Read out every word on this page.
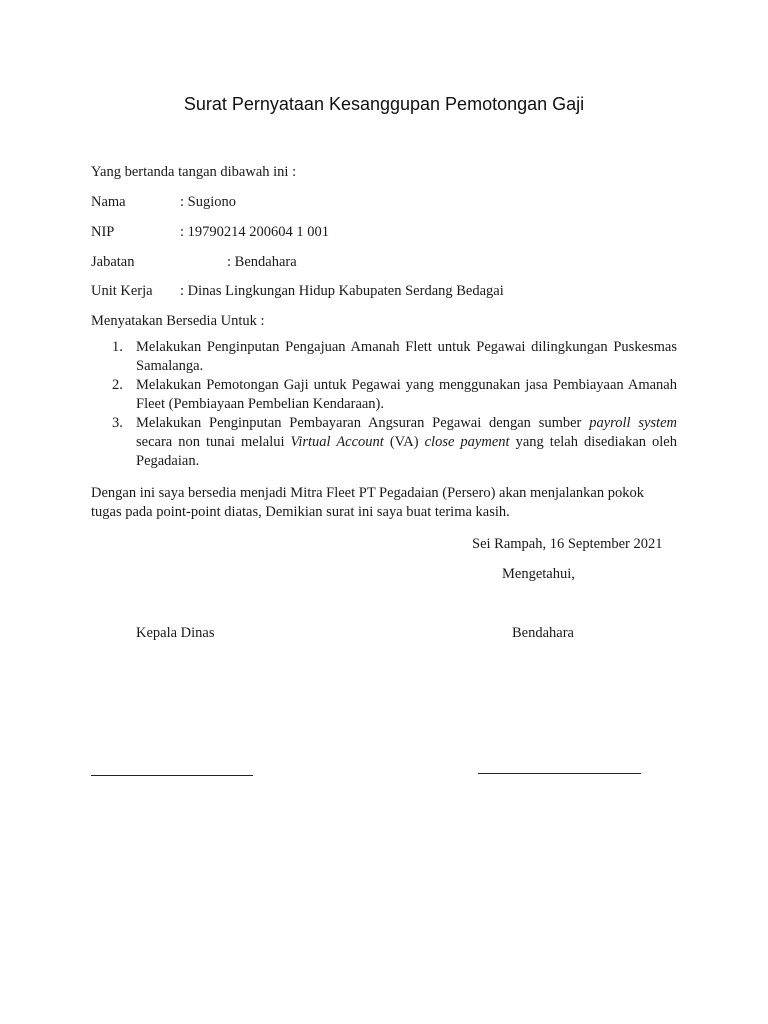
Surat Pernyataan Kesanggupan Pemotongan Gaji
Yang bertanda tangan dibawah ini :
Nama	: Sugiono
NIP	: 19790214 200604 1 001
Jabatan	: Bendahara
Unit Kerja : Dinas Lingkungan Hidup Kabupaten Serdang Bedagai
Menyatakan Bersedia Untuk :
1. Melakukan Penginputan Pengajuan Amanah Flett untuk Pegawai dilingkungan Puskesmas Samalanga.
2. Melakukan Pemotongan Gaji untuk Pegawai yang menggunakan jasa Pembiayaan Amanah Fleet (Pembiayaan Pembelian Kendaraan).
3. Melakukan Penginputan Pembayaran Angsuran Pegawai dengan sumber payroll system secara non tunai melalui Virtual Account (VA) close payment yang telah disediakan oleh Pegadaian.
Dengan ini saya bersedia menjadi Mitra Fleet PT Pegadaian (Persero) akan menjalankan pokok tugas pada point-point diatas, Demikian surat ini saya buat terima kasih.
Sei Rampah, 16 September 2021
Mengetahui,
Kepala Dinas	Bendahara
